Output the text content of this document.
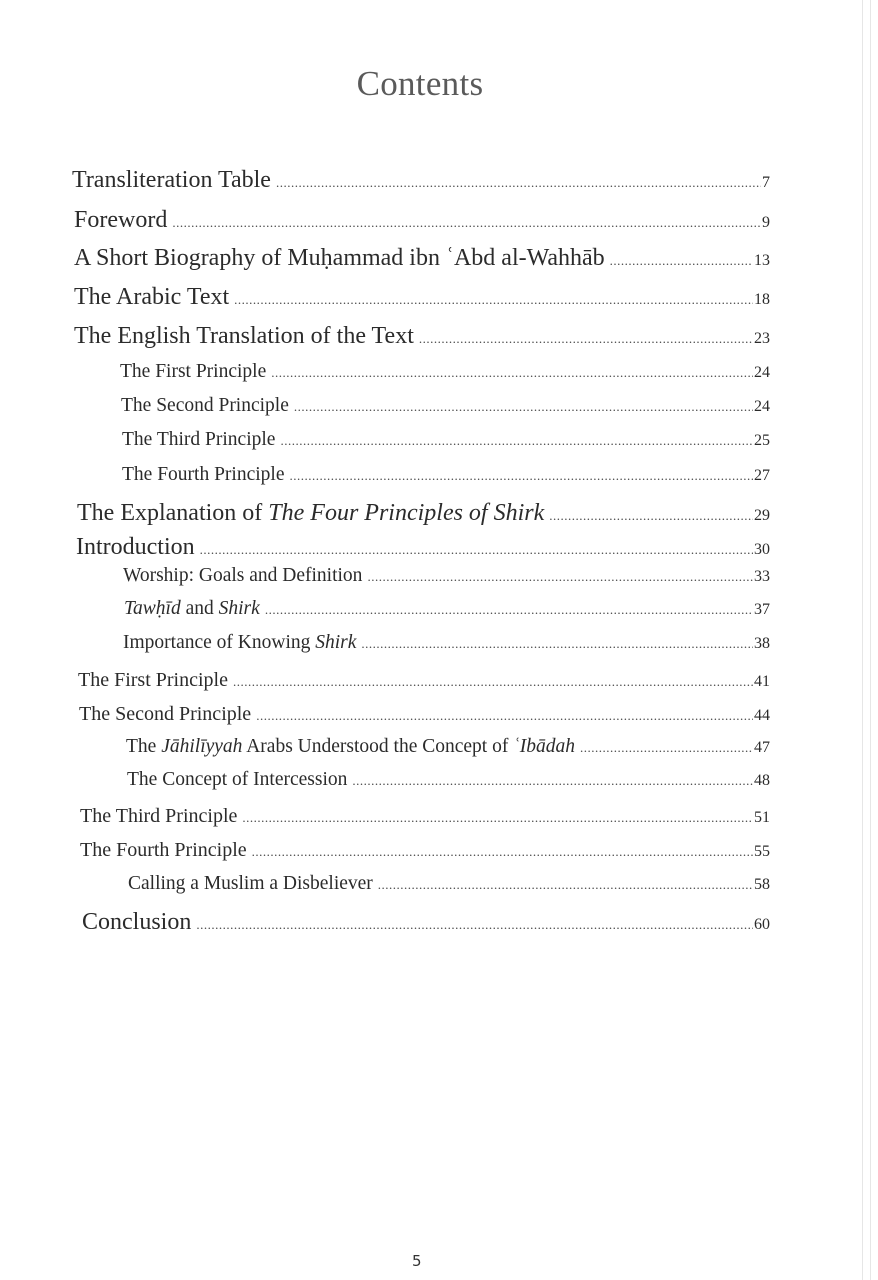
Contents
Transliteration Table .....	7
Foreword .....	9
A Short Biography of Muḥammad ibn ʿAbd al-Wahhāb .....	13
The Arabic Text .....	18
The English Translation of the Text .....	23
The First Principle .....	24
The Second Principle .....	24
The Third Principle .....	25
The Fourth Principle .....	27
The Explanation of The Four Principles of Shirk .....	29
Introduction .....	30
Worship: Goals and Definition .....	33
Tawḥīd and Shirk .....	37
Importance of Knowing Shirk .....	38
The First Principle .....	41
The Second Principle .....	44
The Jāhilīyyah Arabs Understood the Concept of ʿIbādah .....	47
The Concept of Intercession .....	48
The Third Principle .....	51
The Fourth Principle .....	55
Calling a Muslim a Disbeliever .....	58
Conclusion .....	60
5
